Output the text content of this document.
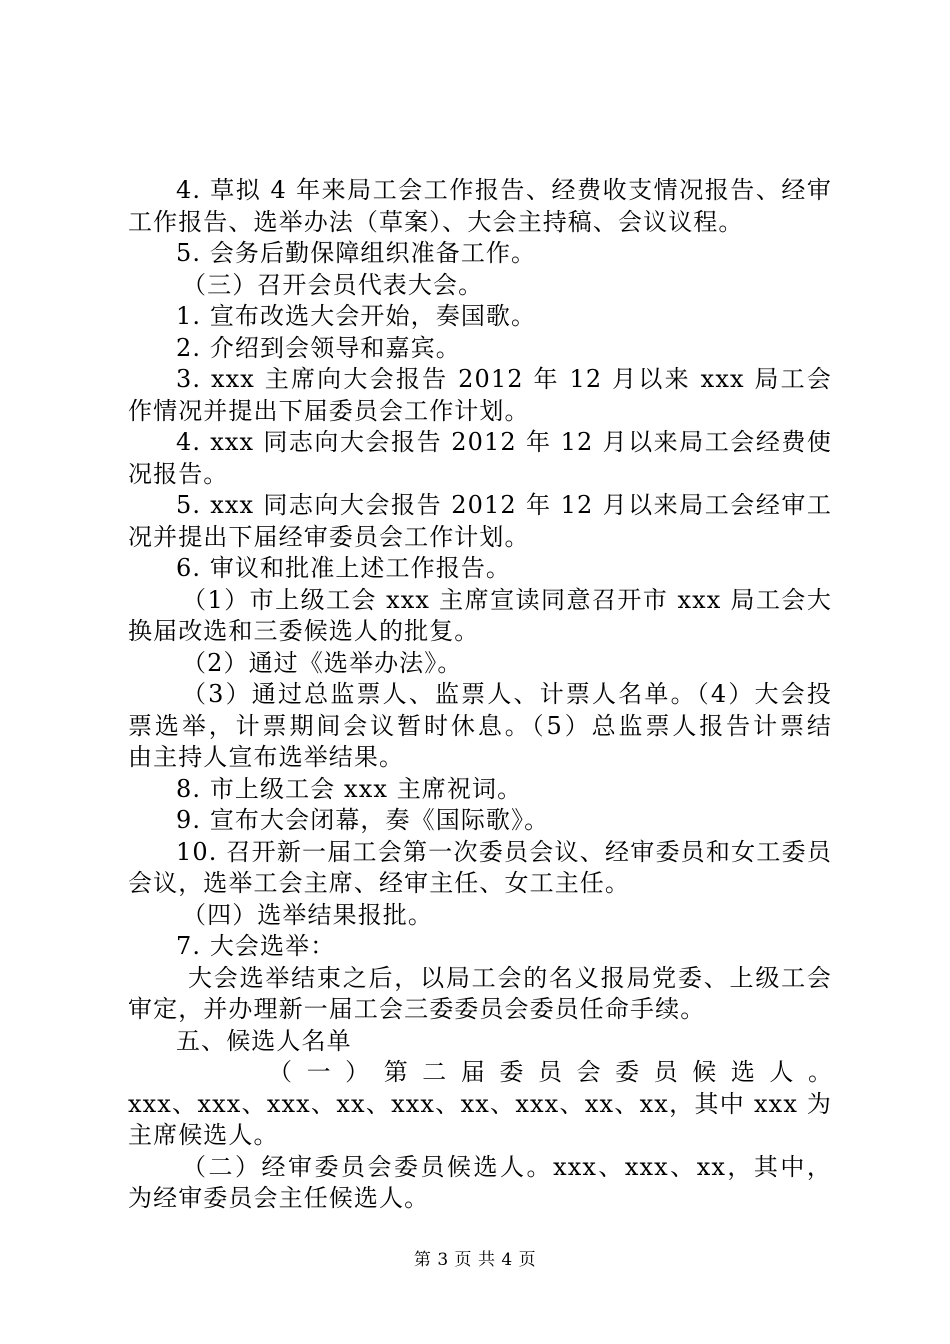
4. 草拟 4 年来局工会工作报告、经费收支情况报告、经审
工作报告、选举办法（草案）、大会主持稿、会议议程。
5. 会务后勤保障组织准备工作。
（三）召开会员代表大会。
1. 宣布改选大会开始，奏国歌。
2. 介绍到会领导和嘉宾。
3. xxx 主席向大会报告 2012 年 12 月以来 xxx 局工会
作情况并提出下届委员会工作计划。
4. xxx 同志向大会报告 2012 年 12 月以来局工会经费使
况报告。
5. xxx 同志向大会报告 2012 年 12 月以来局工会经审工
况并提出下届经审委员会工作计划。
6. 审议和批准上述工作报告。
（1）市上级工会 xxx 主席宣读同意召开市 xxx 局工会大
换届改选和三委候选人的批复。
（2）通过《选举办法》。
（3）通过总监票人、监票人、计票人名单。（4）大会投
票选举，计票期间会议暂时休息。（5）总监票人报告计票结
由主持人宣布选举结果。
8. 市上级工会 xxx 主席祝词。
9. 宣布大会闭幕，奏《国际歌》。
10. 召开新一届工会第一次委员会议、经审委员和女工委员
会议，选举工会主席、经审主任、女工主任。
（四）选举结果报批。
7. 大会选举：
大会选举结束之后，以局工会的名义报局党委、上级工会
审定，并办理新一届工会三委委员会委员任命手续。
五、候选人名单
（ 一 ） 第 二 届 委 员 会 委 员 候 选 人 。
xxx、xxx、xxx、xx、xxx、xx、xxx、xx、xx，其中 xxx 为
主席候选人。
（二）经审委员会委员候选人。xxx、xxx、xx，其中，
为经审委员会主任候选人。
第 3 页 共 4 页
